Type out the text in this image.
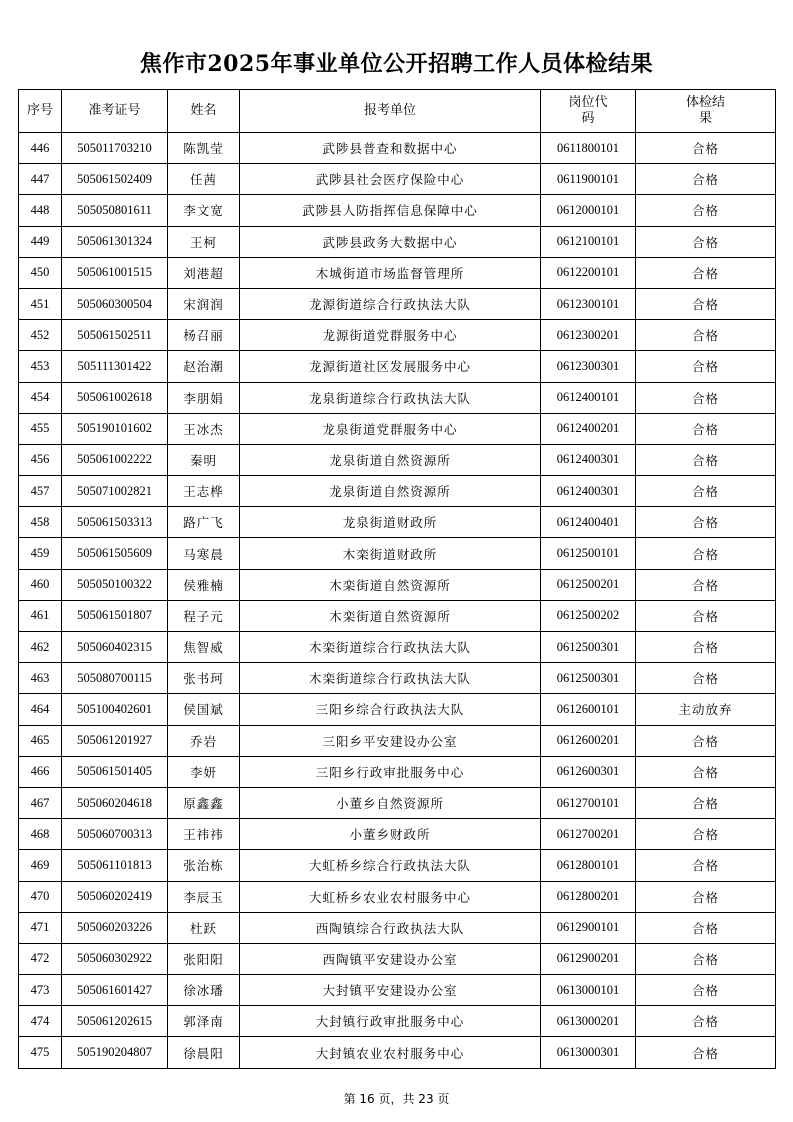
焦作市2025年事业单位公开招聘工作人员体检结果
序号	准考证号	姓名	报考单位	岗位代码	体检结果
446	505011703210	陈凯莹	武陟县普查和数据中心	0611800101	合格
447	505061502409	任茜	武陟县社会医疗保险中心	0611900101	合格
448	505050801611	李文宽	武陟县人防指挥信息保障中心	0612000101	合格
449	505061301324	王柯	武陟县政务大数据中心	0612100101	合格
450	505061001515	刘港超	木城街道市场监督管理所	0612200101	合格
451	505060300504	宋润润	龙源街道综合行政执法大队	0612300101	合格
452	505061502511	杨召丽	龙源街道党群服务中心	0612300201	合格
453	505111301422	赵治潮	龙源街道社区发展服务中心	0612300301	合格
454	505061002618	李朋娟	龙泉街道综合行政执法大队	0612400101	合格
455	505190101602	王冰杰	龙泉街道党群服务中心	0612400201	合格
456	505061002222	秦明	龙泉街道自然资源所	0612400301	合格
457	505071002821	王志桦	龙泉街道自然资源所	0612400301	合格
458	505061503313	路广飞	龙泉街道财政所	0612400401	合格
459	505061505609	马寒晨	木栾街道财政所	0612500101	合格
460	505050100322	侯雅楠	木栾街道自然资源所	0612500201	合格
461	505061501807	程子元	木栾街道自然资源所	0612500202	合格
462	505060402315	焦智威	木栾街道综合行政执法大队	0612500301	合格
463	505080700115	张书珂	木栾街道综合行政执法大队	0612500301	合格
464	505100402601	侯国斌	三阳乡综合行政执法大队	0612600101	主动放弃
465	505061201927	乔岩	三阳乡平安建设办公室	0612600201	合格
466	505061501405	李妍	三阳乡行政审批服务中心	0612600301	合格
467	505060204618	原鑫鑫	小董乡自然资源所	0612700101	合格
468	505060700313	王祎祎	小董乡财政所	0612700201	合格
469	505061101813	张治栋	大虹桥乡综合行政执法大队	0612800101	合格
470	505060202419	李辰玉	大虹桥乡农业农村服务中心	0612800201	合格
471	505060203226	杜跃	西陶镇综合行政执法大队	0612900101	合格
472	505060302922	张阳阳	西陶镇平安建设办公室	0612900201	合格
473	505061601427	徐冰璠	大封镇平安建设办公室	0613000101	合格
474	505061202615	郭泽南	大封镇行政审批服务中心	0613000201	合格
475	505190204807	徐晨阳	大封镇农业农村服务中心	0613000301	合格
第 16 页，共 23 页
